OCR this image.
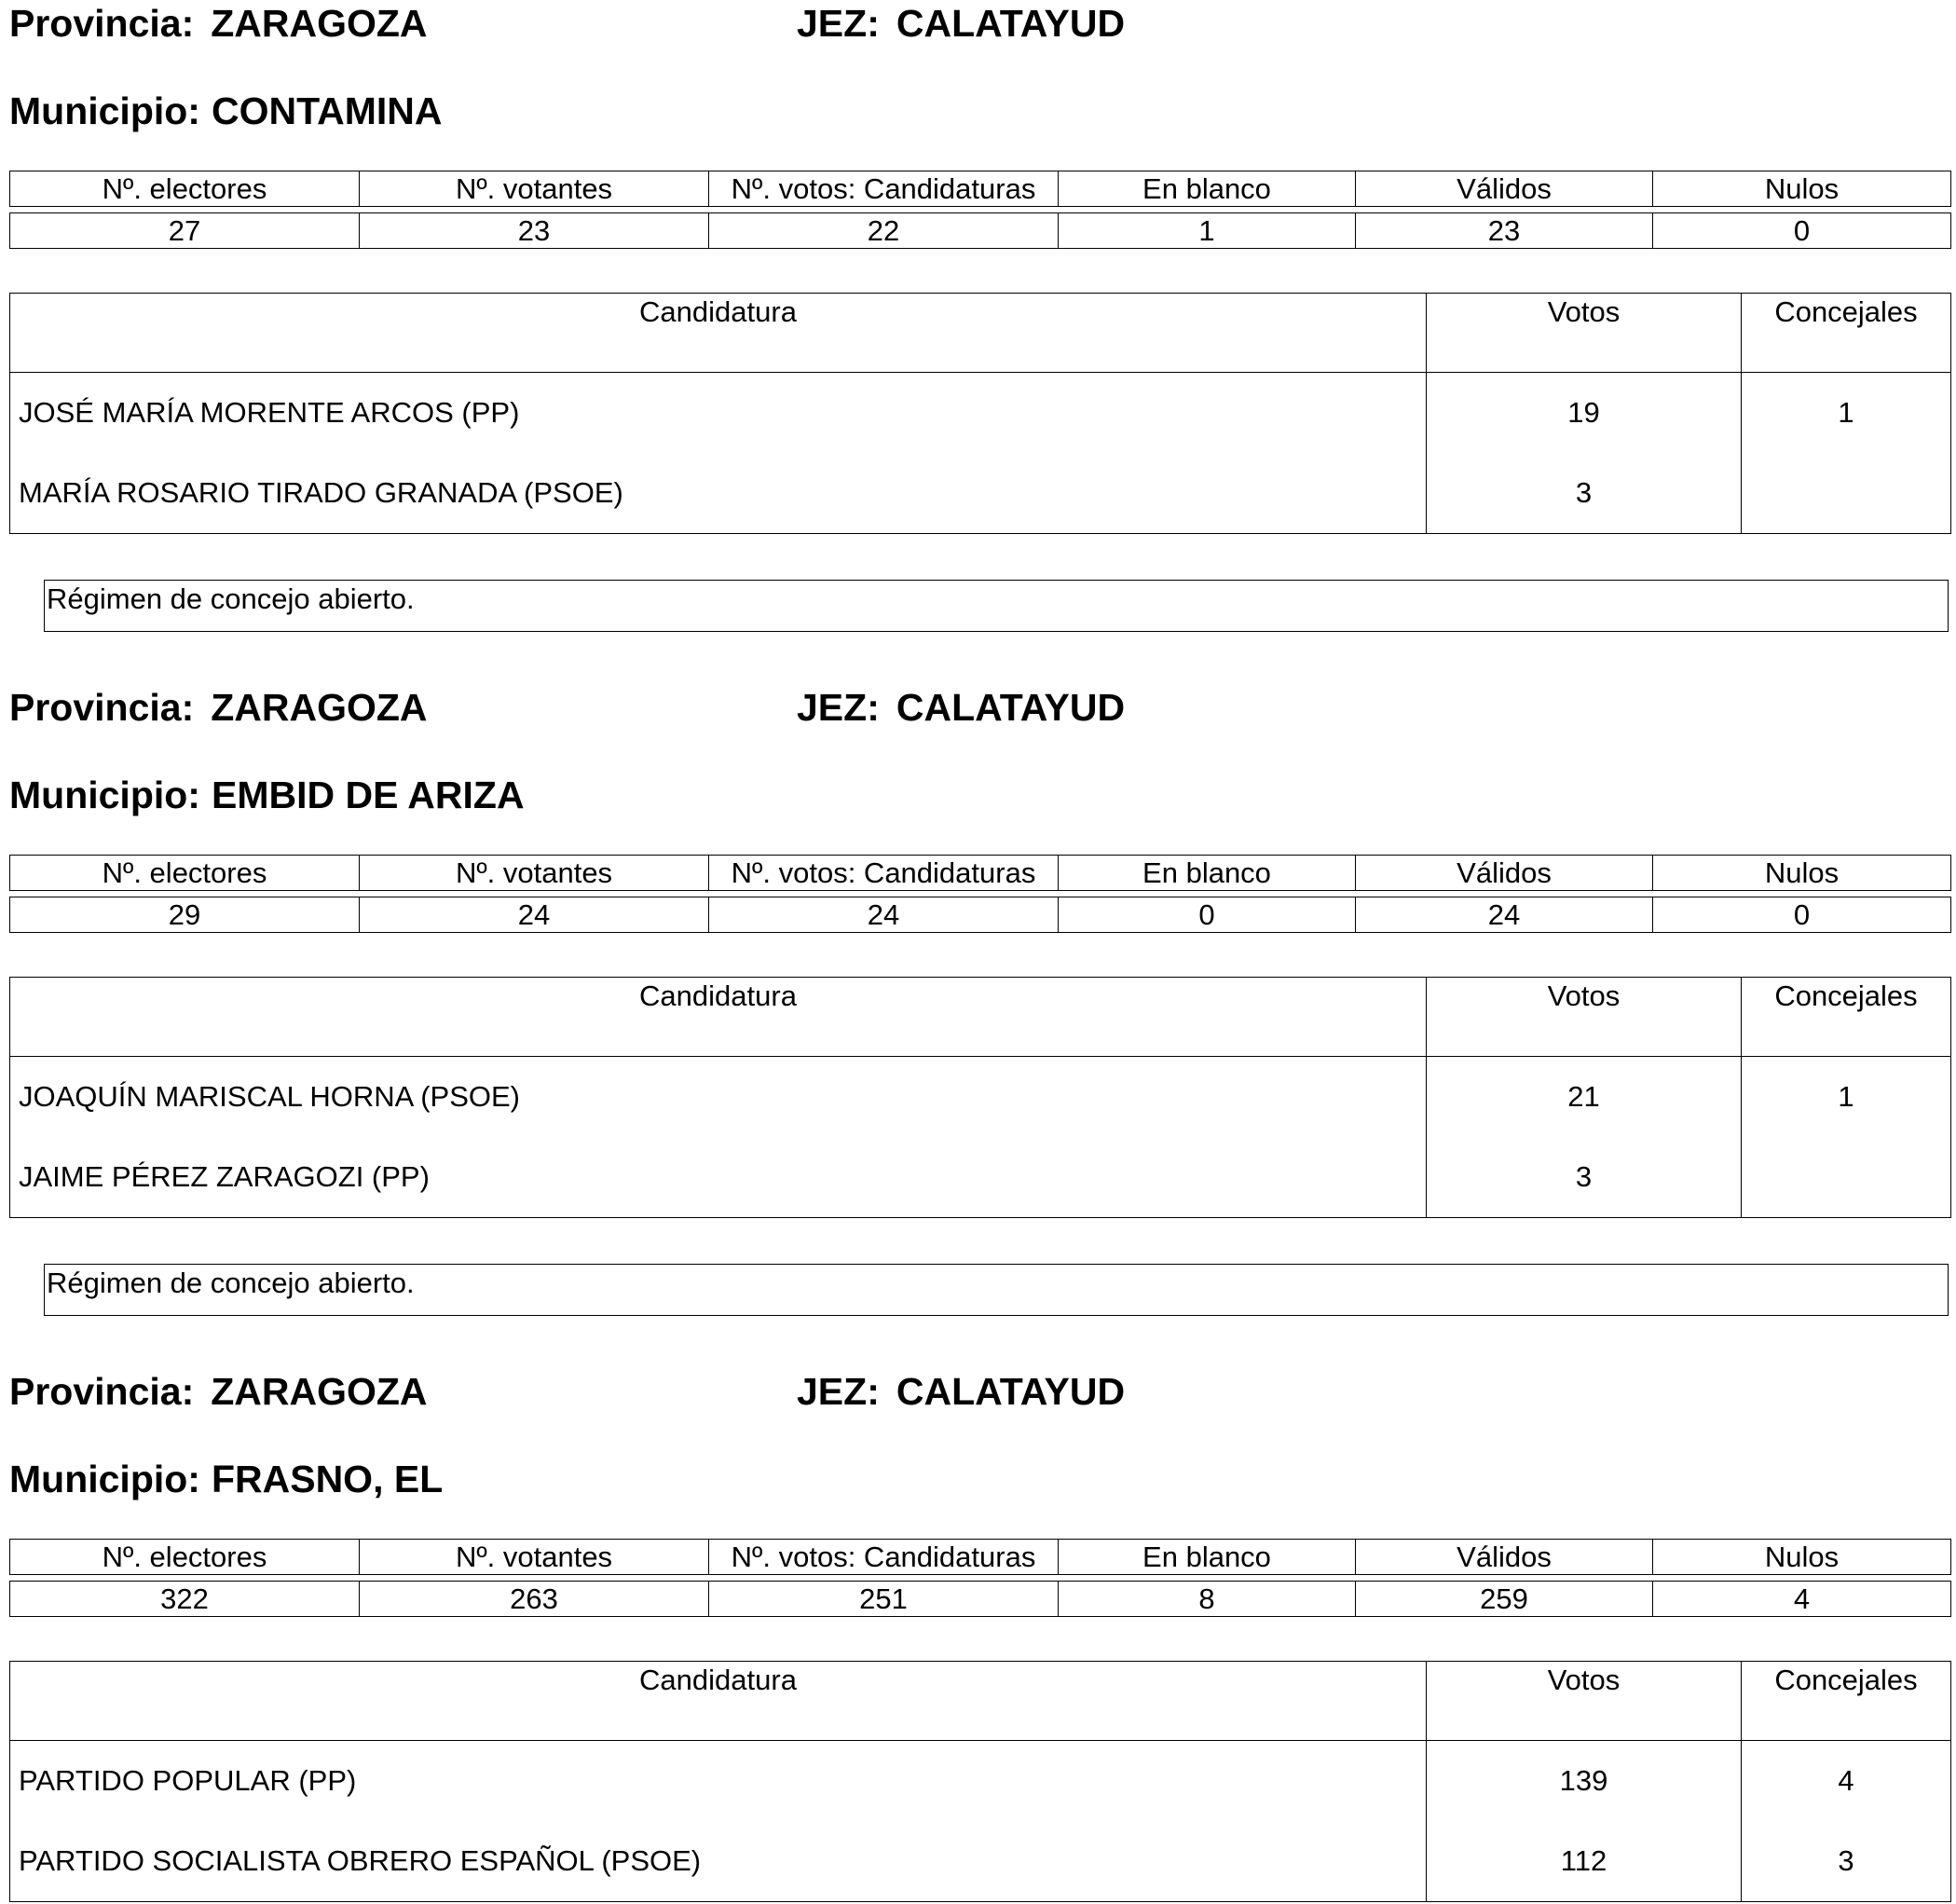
Provincia: ZARAGOZA	JEZ: CALATAYUD
Municipio: CONTAMINA
Nº. electores	Nº. votantes	Nº. votos: Candidaturas	En blanco	Válidos	Nulos

27	23	22	1	23	0
Candidatura	Votos	Concejales
JOSÉ MARÍA MORENTE ARCOS (PP)	19	1
MARÍA ROSARIO TIRADO GRANADA (PSOE)	3	
Régimen de concejo abierto.
Provincia: ZARAGOZA	JEZ: CALATAYUD
Municipio: EMBID DE ARIZA
Nº. electores	Nº. votantes	Nº. votos: Candidaturas	En blanco	Válidos	Nulos

29	24	24	0	24	0
Candidatura	Votos	Concejales
JOAQUÍN MARISCAL HORNA (PSOE)	21	1
JAIME PÉREZ ZARAGOZI (PP)	3	
Régimen de concejo abierto.
Provincia: ZARAGOZA	JEZ: CALATAYUD
Municipio: FRASNO, EL
Nº. electores	Nº. votantes	Nº. votos: Candidaturas	En blanco	Válidos	Nulos

322	263	251	8	259	4
Candidatura	Votos	Concejales
PARTIDO POPULAR (PP)	139	4
PARTIDO SOCIALISTA OBRERO ESPAÑOL (PSOE)	112	3
